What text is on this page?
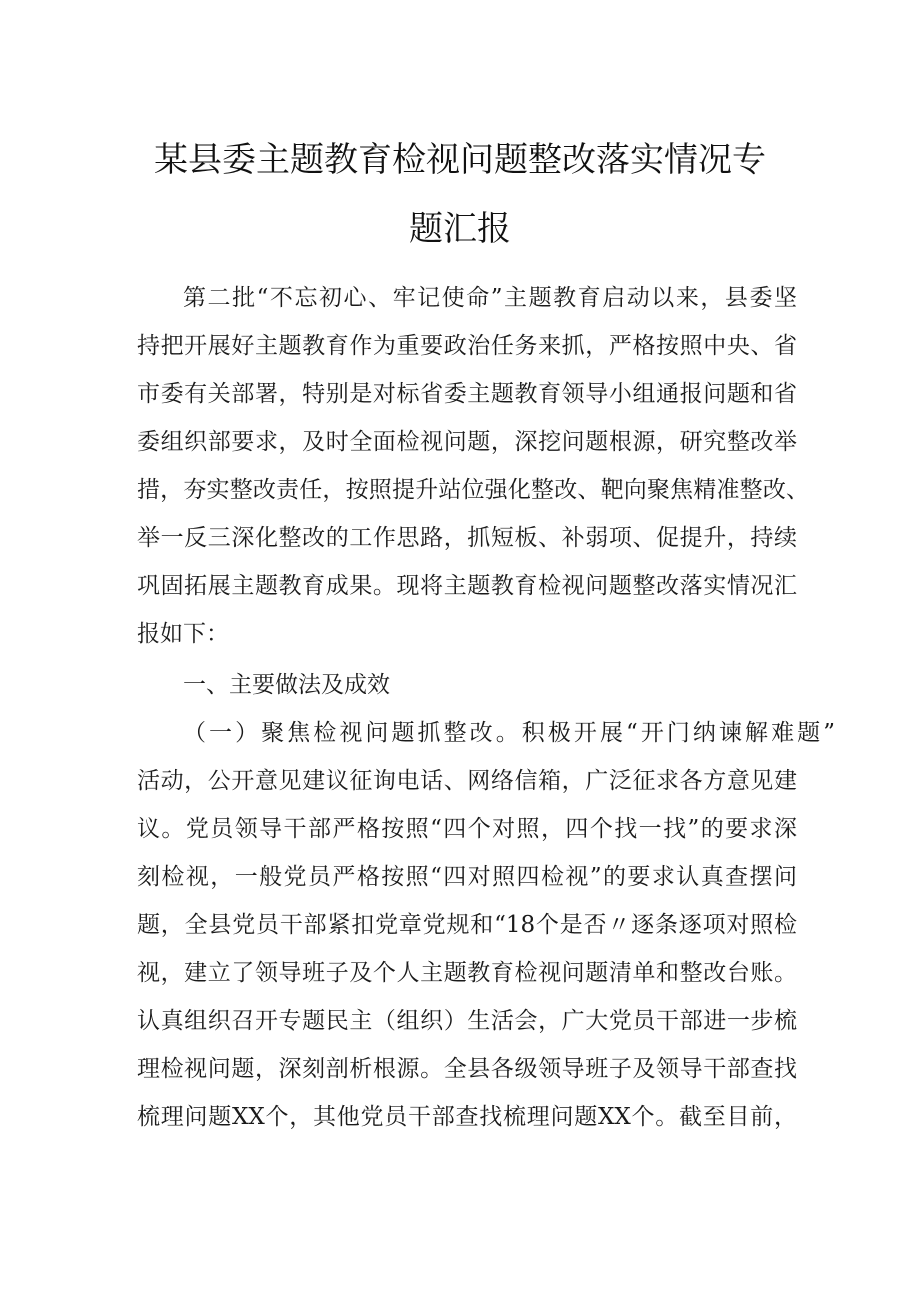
某县委主题教育检视问题整改落实情况专
题汇报
第二批“不忘初心、牢记使命”主题教育启动以来，县委坚
持把开展好主题教育作为重要政治任务来抓，严格按照中央、省
市委有关部署，特别是对标省委主题教育领导小组通报问题和省
委组织部要求，及时全面检视问题，深挖问题根源，研究整改举
措，夯实整改责任，按照提升站位强化整改、靶向聚焦精准整改、
举一反三深化整改的工作思路，抓短板、补弱项、促提升，持续
巩固拓展主题教育成果。现将主题教育检视问题整改落实情况汇
报如下：
一、主要做法及成效
（一）聚焦检视问题抓整改。积极开展“开门纳谏解难题”
活动，公开意见建议征询电话、网络信箱，广泛征求各方意见建
议。党员领导干部严格按照“四个对照，四个找一找”的要求深
刻检视，一般党员严格按照“四对照四检视”的要求认真查摆问
题，全县党员干部紧扣党章党规和“18个是否〃逐条逐项对照检
视，建立了领导班子及个人主题教育检视问题清单和整改台账。
认真组织召开专题民主（组织）生活会，广大党员干部进一步梳
理检视问题，深刻剖析根源。全县各级领导班子及领导干部查找
梳理问题XX个，其他党员干部查找梳理问题XX个。截至目前，
